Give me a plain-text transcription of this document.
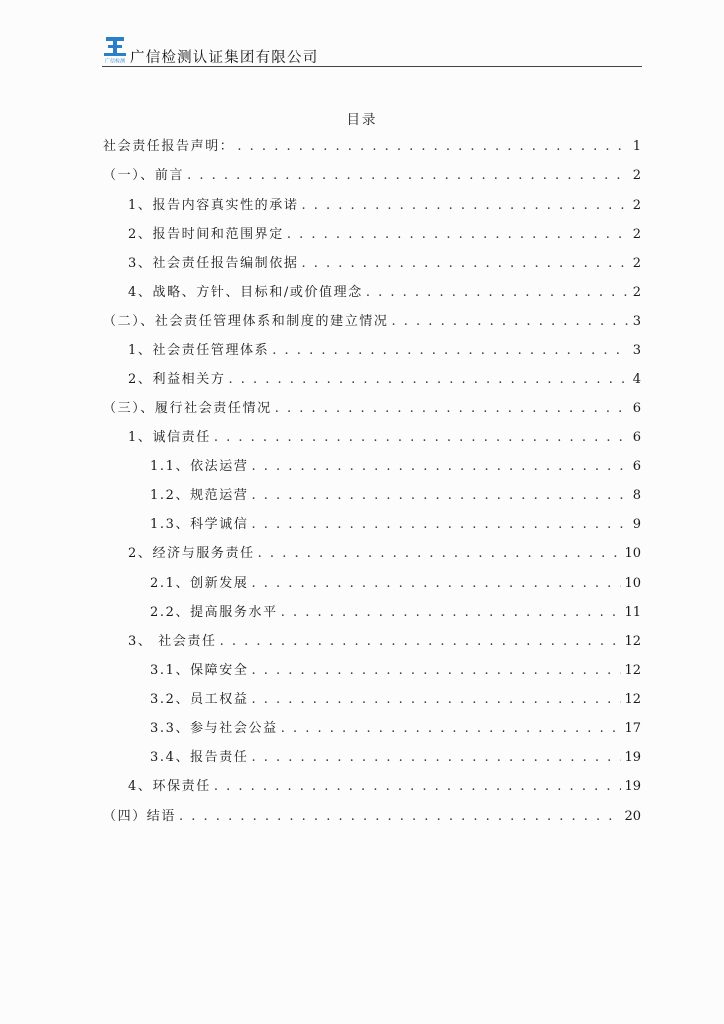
广信检测 广信检测认证集团有限公司
目录
社会责任报告声明： . . .	1
（一）、前言 . . .	2
1、报告内容真实性的承诺 . . .	2
2、报告时间和范围界定 . . .	2
3、社会责任报告编制依据 . . .	2
4、战略、方针、目标和/或价值理念 . . .	2
（二）、社会责任管理体系和制度的建立情况 . . .	3
1、社会责任管理体系 . . .	3
2、利益相关方 . . .	4
（三）、履行社会责任情况 . . .	6
1、诚信责任 . . .	6
1.1、依法运营 . . .	6
1.2、规范运营 . . .	8
1.3、科学诚信 . . .	9
2、经济与服务责任 . . .	10
2.1、创新发展 . . .	10
2.2、提高服务水平 . . .	11
3、 社会责任 . . .	12
3.1、保障安全 . . .	12
3.2、员工权益 . . .	12
3.3、参与社会公益 . . .	17
3.4、报告责任 . . .	19
4、环保责任 . . .	19
（四）结语 . . .	20
